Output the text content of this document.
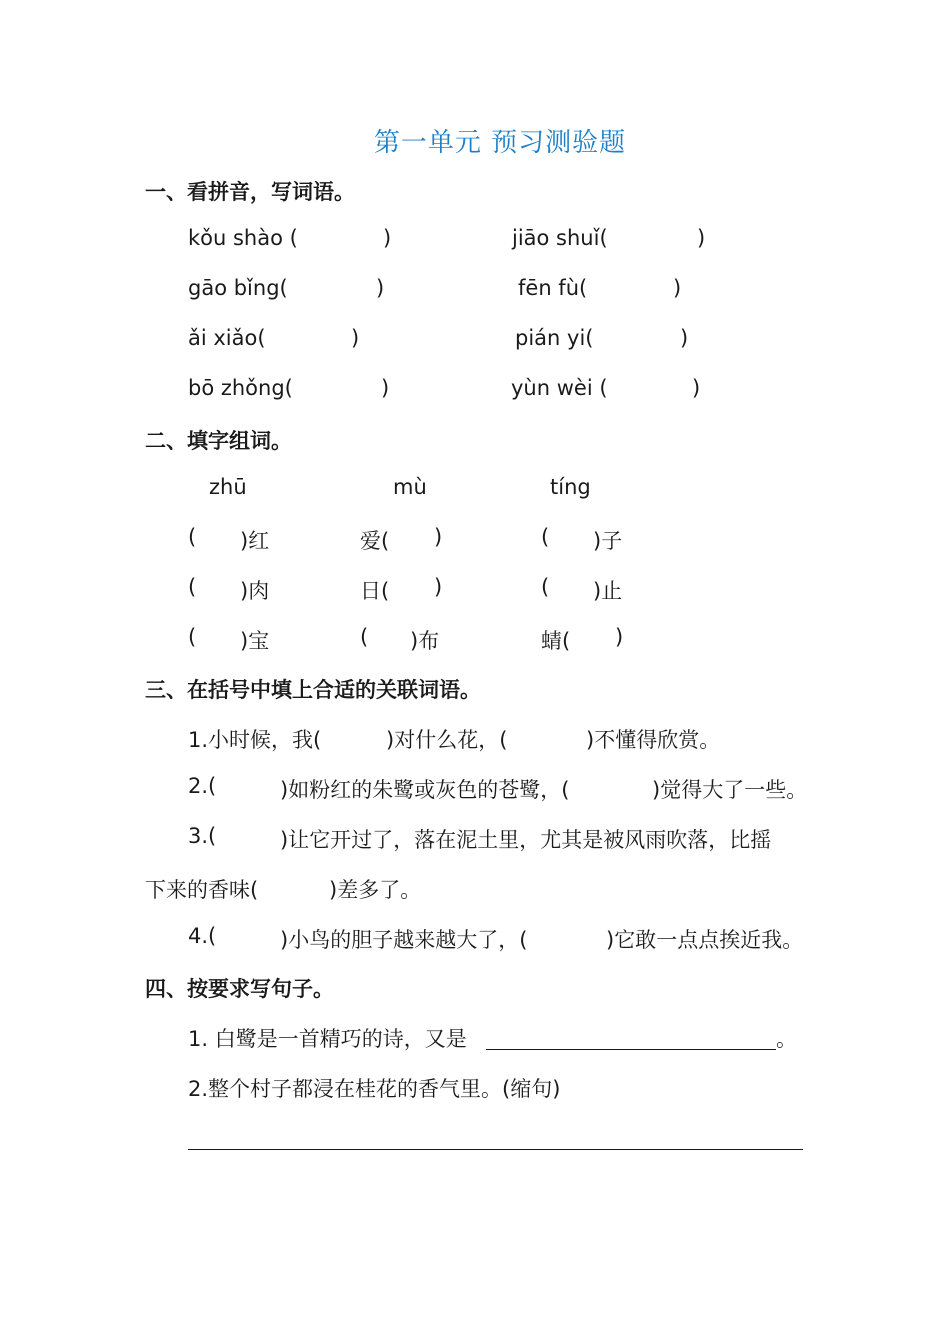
第一单元 预习测验题
一、看拼音，写词语。
kǒu shào (	)	jiāo shuǐ(	)
gāo bǐng(	)	fēn fù(	)
ǎi xiǎo(	)	pián yi(	)
bō zhǒng(	)	yùn wèi (	)
二、填字组词。
zhū	mù	tíng
( )红	爱( )	( )子
( )肉	日( )	( )止
( )宝	( )布	蜻( )
三、在括号中填上合适的关联词语。
1.小时候，我(	)对什么花，(	)不懂得欣赏。
2.(	)如粉红的朱鹭或灰色的苍鹭，(	)觉得大了一些。
3.(	)让它开过了，落在泥土里，尤其是被风雨吹落，比摇
下来的香味(	)差多了。
4.(	)小鸟的胆子越来越大了，(	)它敢一点点挨近我。
四、按要求写句子。
1. 白鹭是一首精巧的诗，又是	。
2.整个村子都浸在桂花的香气里。(缩句)
